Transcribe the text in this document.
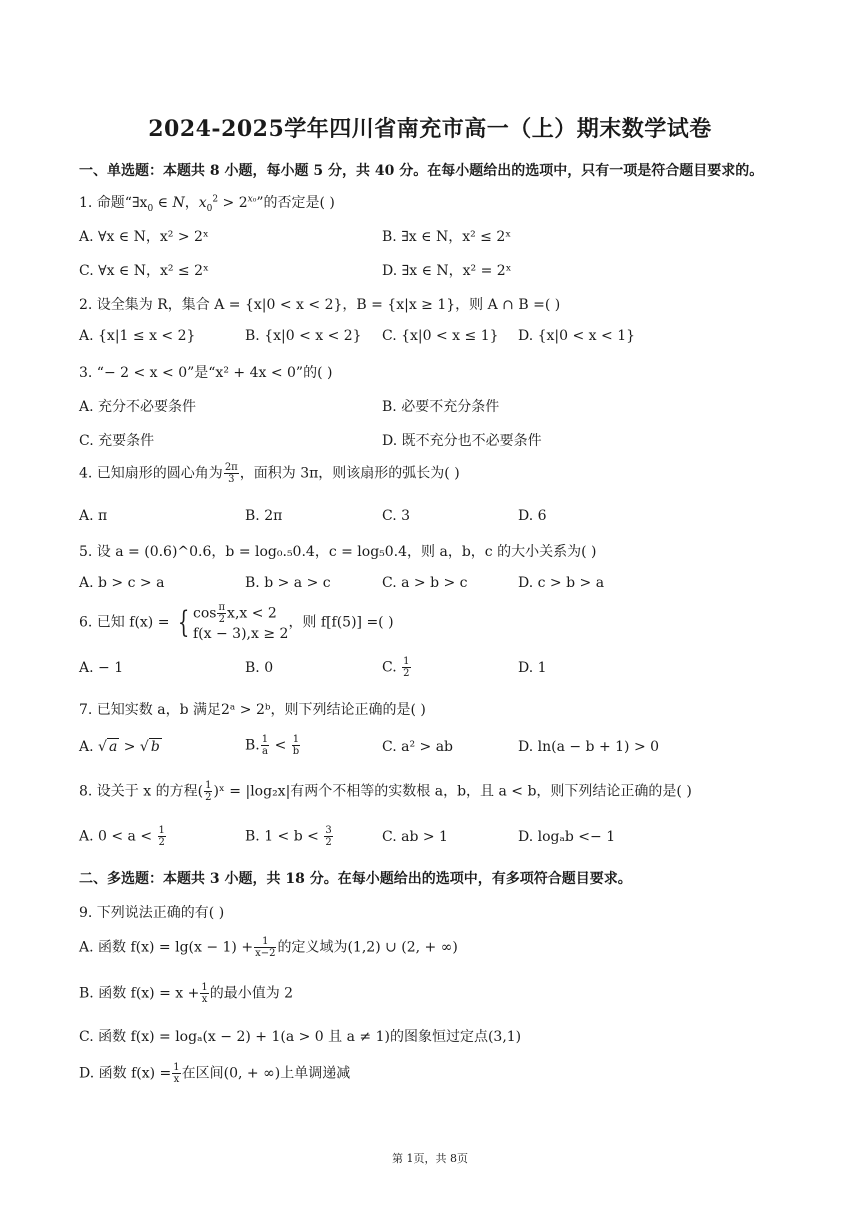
2024-2025学年四川省南充市高一（上）期末数学试卷
一、单选题：本题共 8 小题，每小题 5 分，共 40 分。在每小题给出的选项中，只有一项是符合题目要求的。
1. 命题“$\exists x_0$ ∈ N，$x_0^2 > 2^{x_0}$”的否定是( )
A. ∀x ∈ N，x² > 2ˣ	B. ∃x ∈ N，x² ≤ 2ˣ
C. ∀x ∈ N，x² ≤ 2ˣ	D. ∃x ∈ N，x² = 2ˣ
2. 设全集为 R，集合 A = {x|0 < x < 2}，B = {x|x ≥ 1}，则 A ∩ B =( )
A. {x|1 ≤ x < 2}	B. {x|0 < x < 2} C. {x|0 < x ≤ 1} D. {x|0 < x < 1}
3. “− 2 < x < 0”是“x² + 4x < 0”的( )
A. 充分不必要条件	B. 必要不充分条件
C. 充要条件	D. 既不充分也不必要条件
4. 已知扇形的圆心角为 $\frac{2\pi}{3}$ ，面积为 3π，则该扇形的弧长为( )
A. π	B. 2π	C. 3	D. 6
5. 设 a = (0.6)^0.6，b = log₀.₅0.4，c = log₅0.4，则 a，b，c 的大小关系为( )
A. b > c > a	B. b > a > c	C. a > b > c	D. c > b > a
6. 已知 f(x) = { $\cos \frac{\pi}{2} x,x < 2$
f(x − 3),x ≥ 2
，则 f[f(5)] =( )
A. − 1	B. 0	C. $\frac{1}{2}$	D. 1
7. 已知实数 a，b 满足2ᵃ > 2ᵇ，则下列结论正确的是( )
A. √ a > √ b	B. $\frac{1}{a} < \frac{1}{b}$	C. a² > ab	D. ln(a − b + 1) > 0
8. 设关于 x 的方程( $\frac{1}{2}$ )ˣ = |log₂x|有两个不相等的实数根 a，b，且 a < b，则下列结论正确的是( )
A. $0 < a < \frac{1}{2}$	B. $1 < b < \frac{3}{2}$	C. ab > 1	D. logₐb <− 1
二、多选题：本题共 3 小题，共 18 分。在每小题给出的选项中，有多项符合题目要求。
9. 下列说法正确的有( )
A. 函数 $f(x) = \lg(x - 1) + \frac{1}{x-2}$ 的定义域为(1,2) ∪ (2, + ∞)
B. 函数 $f(x) = x + \frac{1}{x}$ 的最小值为 2
C. 函数 f(x) = logₐ(x − 2) + 1(a > 0 且 a ≠ 1)的图象恒过定点(3,1)
D. 函数 $f(x) = \frac{1}{x}$ 在区间(0, + ∞)上单调递减
第 1页，共 8页
